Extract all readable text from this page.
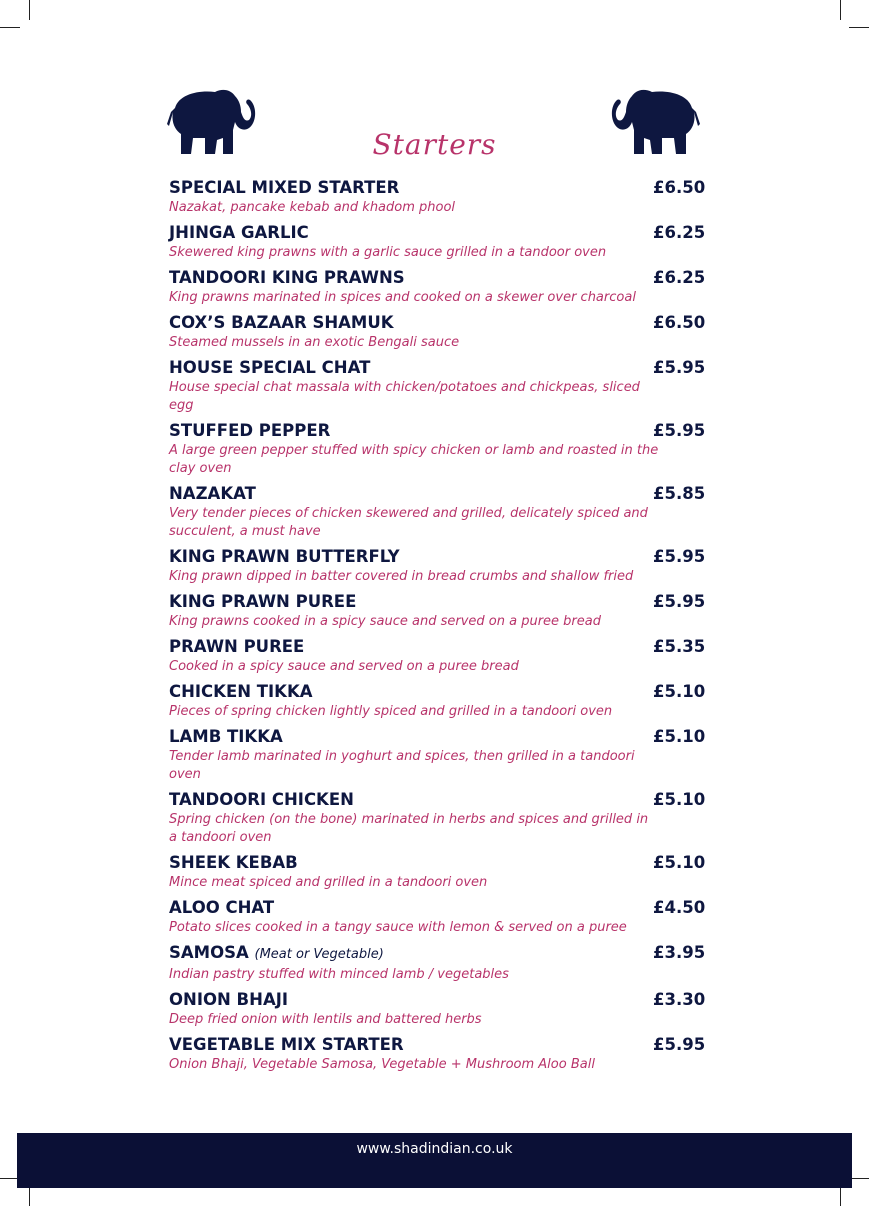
Starters
SPECIAL MIXED STARTER	£6.50
Nazakat, pancake kebab and khadom phool
JHINGA GARLIC	£6.25
Skewered king prawns with a garlic sauce grilled in a tandoor oven
TANDOORI KING PRAWNS	£6.25
King prawns marinated in spices and cooked on a skewer over charcoal
COX’S BAZAAR SHAMUK	£6.50
Steamed mussels in an exotic Bengali sauce
HOUSE SPECIAL CHAT	£5.95
House special chat massala with chicken/potatoes and chickpeas, sliced egg
STUFFED PEPPER	£5.95
A large green pepper stuffed with spicy chicken or lamb and roasted in the clay oven
NAZAKAT	£5.85
Very tender pieces of chicken skewered and grilled, delicately spiced and succulent, a must have
KING PRAWN BUTTERFLY	£5.95
King prawn dipped in batter covered in bread crumbs and shallow fried
KING PRAWN PUREE	£5.95
King prawns cooked in a spicy sauce and served on a puree bread
PRAWN PUREE	£5.35
Cooked in a spicy sauce and served on a puree bread
CHICKEN TIKKA	£5.10
Pieces of spring chicken lightly spiced and grilled in a tandoori oven
LAMB TIKKA	£5.10
Tender lamb marinated in yoghurt and spices, then grilled in a tandoori oven
TANDOORI CHICKEN	£5.10
Spring chicken (on the bone) marinated in herbs and spices and grilled in a tandoori oven
SHEEK KEBAB	£5.10
Mince meat spiced and grilled in a tandoori oven
ALOO CHAT	£4.50
Potato slices cooked in a tangy sauce with lemon & served on a puree
SAMOSA (Meat or Vegetable)	£3.95
Indian pastry stuffed with minced lamb / vegetables
ONION BHAJI	£3.30
Deep fried onion with lentils and battered herbs
VEGETABLE MIX STARTER	£5.95
Onion Bhaji, Vegetable Samosa, Vegetable + Mushroom Aloo Ball
www.shadindian.co.uk
